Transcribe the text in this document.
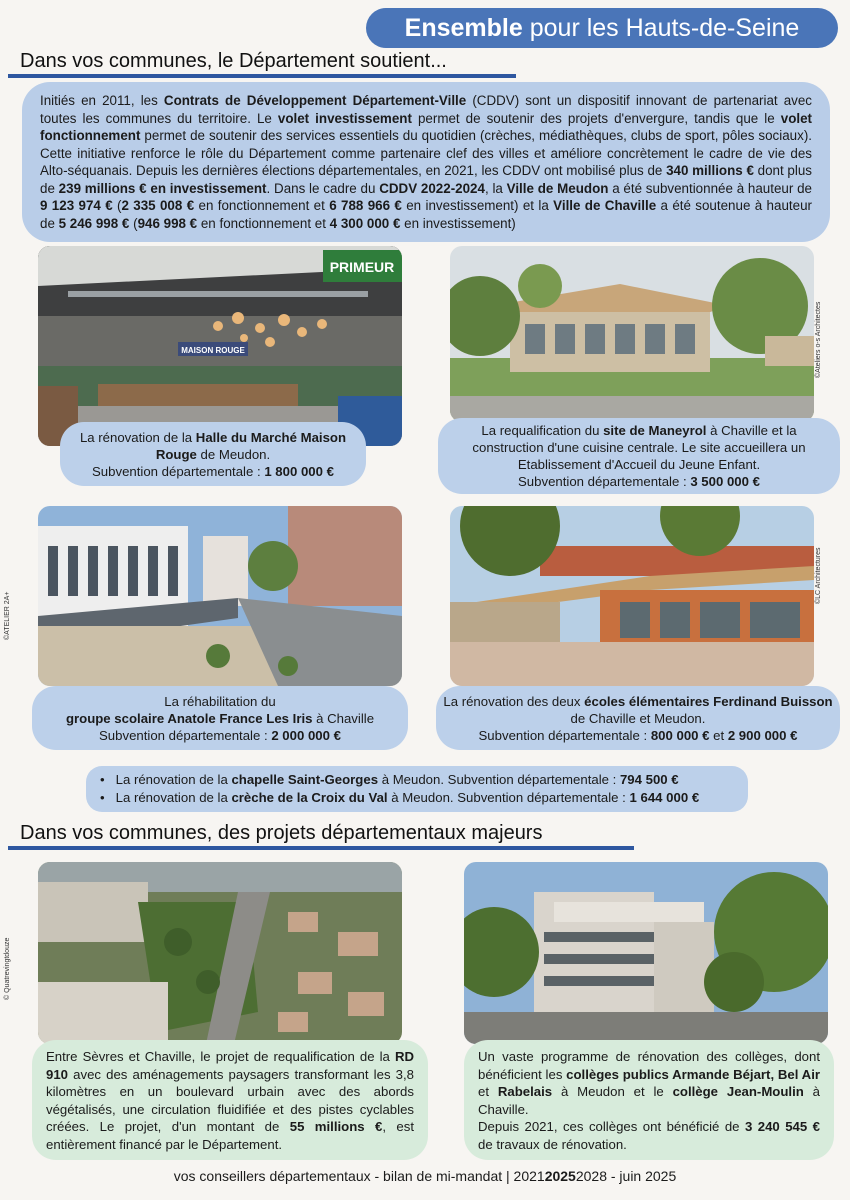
Ensemble pour les Hauts-de-Seine
Dans vos communes, le Département soutient...
Initiés en 2011, les Contrats de Développement Département-Ville (CDDV) sont un dispositif innovant de partenariat avec toutes les communes du territoire. Le volet investissement permet de soutenir des projets d'envergure, tandis que le volet fonctionnement permet de soutenir des services essentiels du quotidien (crèches, médiathèques, clubs de sport, pôles sociaux). Cette initiative renforce le rôle du Département comme partenaire clef des villes et améliore concrètement le cadre de vie des Alto-séquanais. Depuis les dernières élections départementales, en 2021, les CDDV ont mobilisé plus de 340 millions € dont plus de 239 millions € en investissement. Dans le cadre du CDDV 2022-2024, la Ville de Meudon a été subventionnée à hauteur de 9 123 974 € (2 335 008 € en fonctionnement et 6 788 966 € en investissement) et la Ville de Chaville a été soutenue à hauteur de 5 246 998 € (946 998 € en fonctionnement et 4 300 000 € en investissement)
PRIMEUR
MAISON ROUGE
La rénovation de la Halle du Marché Maison Rouge de Meudon.
Subvention départementale : 1 800 000 €
©Ateliers o-s Architectes
La requalification du site de Maneyrol à Chaville et la construction d'une cuisine centrale. Le site accueillera un Etablissement d'Accueil du Jeune Enfant.
Subvention départementale : 3 500 000 €
©ATELIER 2A+
La réhabilitation du
groupe scolaire Anatole France Les Iris à Chaville
Subvention départementale : 2 000 000 €
©LC Architectures
La rénovation des deux écoles élémentaires Ferdinand Buisson de Chaville et Meudon.
Subvention départementale : 800 000 € et 2 900 000 €
•   La rénovation de la chapelle Saint-Georges à Meudon. Subvention départementale : 794 500 €
•   La rénovation de la crèche de la Croix du Val à Meudon. Subvention départementale : 1 644 000 €
Dans vos communes, des projets départementaux majeurs
© Quatrevingtdouze
Entre Sèvres et Chaville, le projet de requalification de la RD 910 avec des aménagements paysagers transformant les 3,8 kilomètres en un boulevard urbain avec des abords végétalisés, une circulation fluidifiée et des pistes cyclables créées. Le projet, d'un montant de 55 millions €, est entièrement financé par le Département.
Un vaste programme de rénovation des collèges, dont bénéficient les collèges publics Armande Béjart, Bel Air et Rabelais à Meudon et le collège Jean-Moulin à Chaville.
Depuis 2021, ces collèges ont bénéficié de 3 240 545 € de travaux de rénovation.
vos conseillers départementaux - bilan de mi-mandat | 202120252028 - juin 2025
